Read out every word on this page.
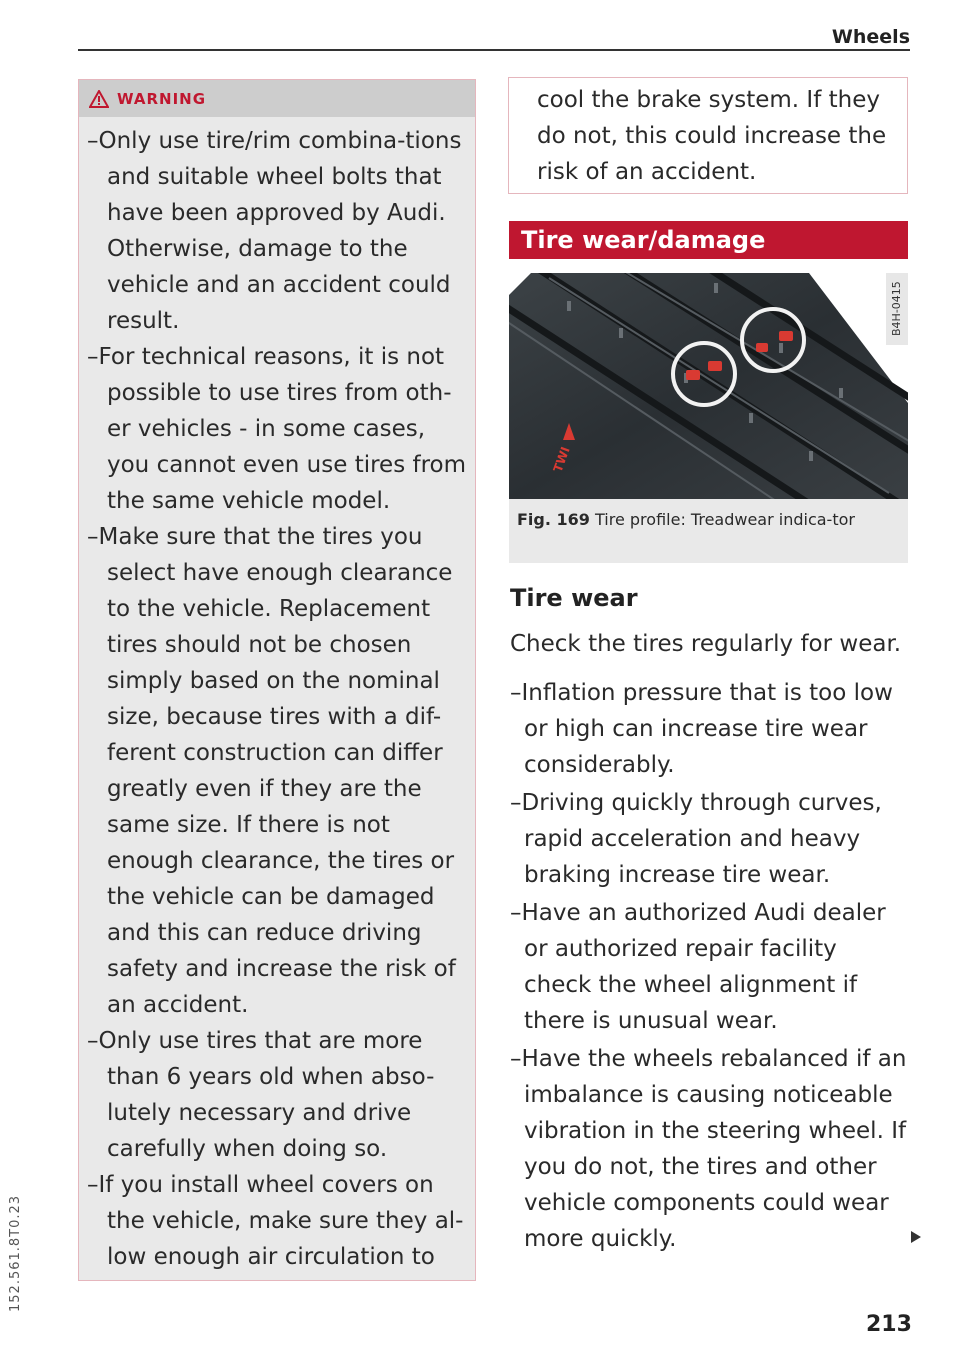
Wheels
152.561.8T0.23
WARNING
–Only use tire/rim combina-tions and suitable wheel bolts that have been approved by Audi. Otherwise, damage to the vehicle and an accident could result.
–For technical reasons, it is not possible to use tires from oth-er vehicles - in some cases, you cannot even use tires from the same vehicle model.
–Make sure that the tires you select have enough clearance to the vehicle. Replacement tires should not be chosen simply based on the nominal size, because tires with a dif-ferent construction can differ greatly even if they are the same size. If there is not enough clearance, the tires or the vehicle can be damaged and this can reduce driving safety and increase the risk of an accident.
–Only use tires that are more than 6 years old when abso-lutely necessary and drive carefully when doing so.
–If you install wheel covers on the vehicle, make sure they al-low enough air circulation to
cool the brake system. If they do not, this could increase the risk of an accident.
Tire wear/damage
TWI
B4H-0415
Fig. 169 Tire profile: Treadwear indica-tor
Tire wear

Check the tires regularly for wear.

–Inflation pressure that is too low or high can increase tire wear considerably.
–Driving quickly through curves, rapid acceleration and heavy braking increase tire wear.
–Have an authorized Audi dealer or authorized repair facility check the wheel alignment if there is unusual wear.
–Have the wheels rebalanced if an imbalance is causing noticeable vibration in the steering wheel. If you do not, the tires and other vehicle components could wear more quickly.
213
